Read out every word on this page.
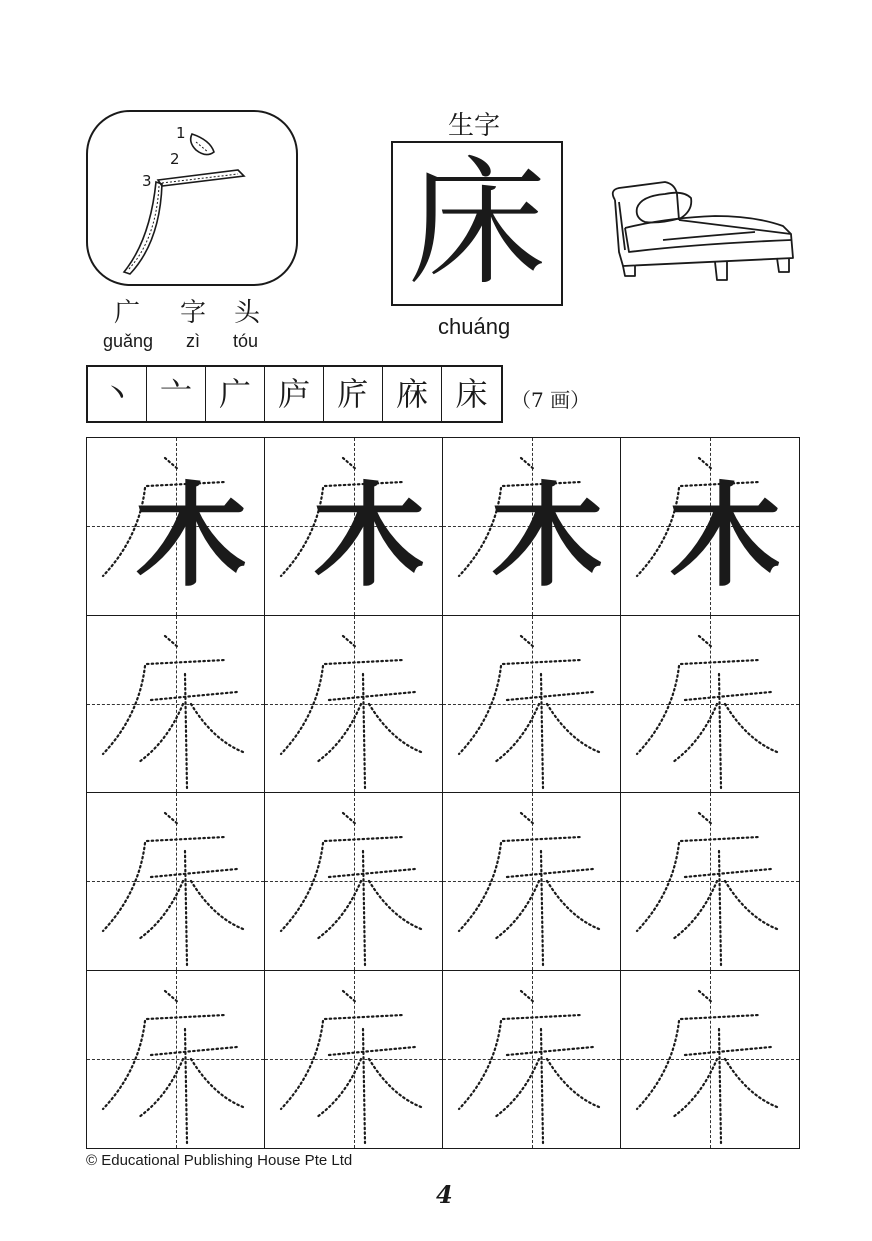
1
2
3
广 字 头
guǎng zì tóu
生字
床
chuáng
丶 亠 广 庐 庍 庥 床	（7 画）
木 木 木 木
© Educational Publishing House Pte Ltd
4
